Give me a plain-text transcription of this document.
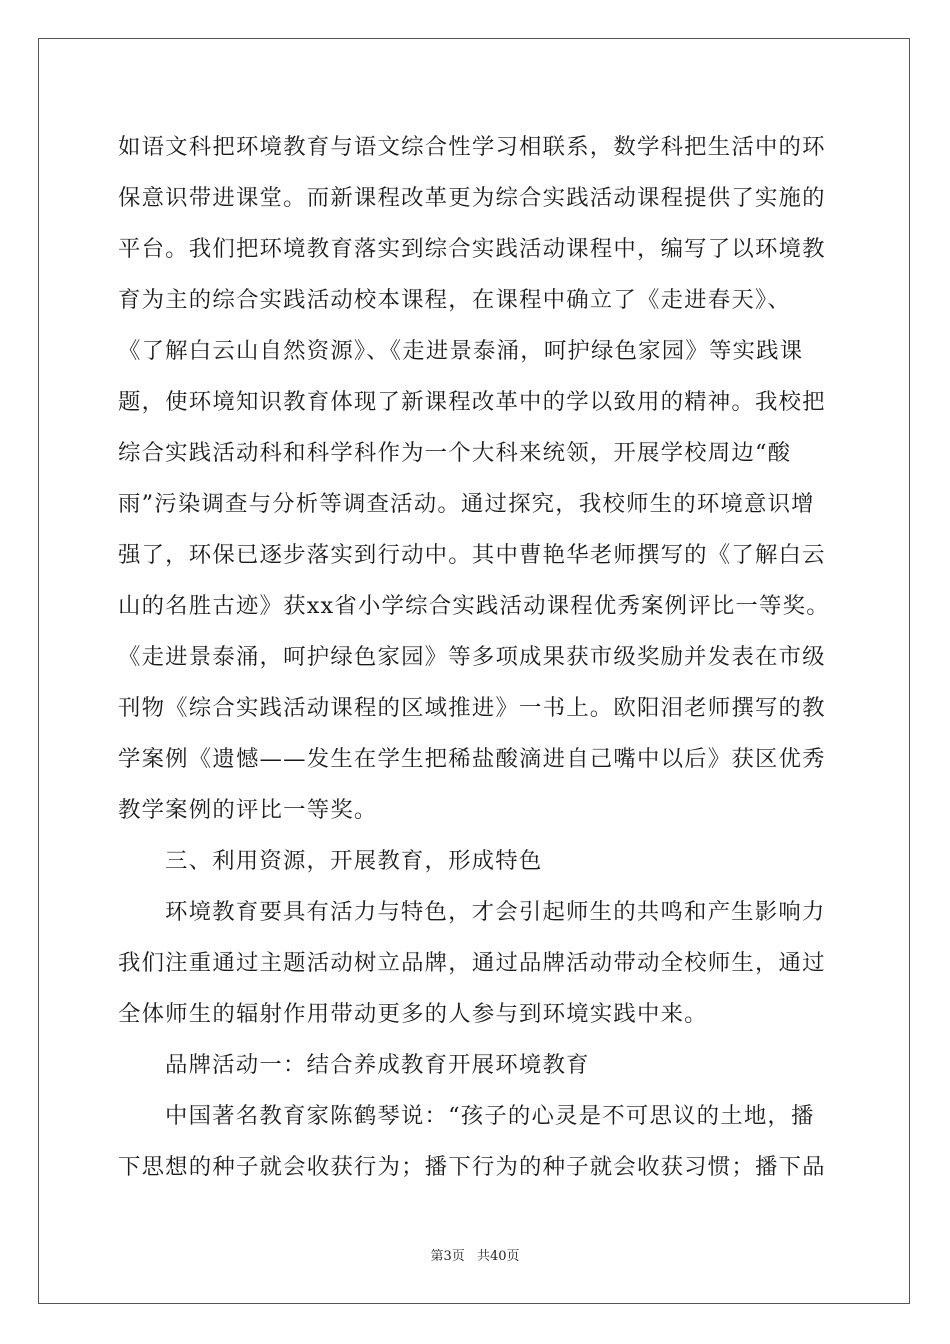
如语文科把环境教育与语文综合性学习相联系，数学科把生活中的环
保意识带进课堂。而新课程改革更为综合实践活动课程提供了实施的
平台。我们把环境教育落实到综合实践活动课程中，编写了以环境教
育为主的综合实践活动校本课程，在课程中确立了《走进春天》、
《了解白云山自然资源》、《走进景泰涌，呵护绿色家园》等实践课
题，使环境知识教育体现了新课程改革中的学以致用的精神。我校把
综合实践活动科和科学科作为一个大科来统领，开展学校周边“酸
雨”污染调查与分析等调查活动。通过探究，我校师生的环境意识增
强了，环保已逐步落实到行动中。其中曹艳华老师撰写的《了解白云
山的名胜古迹》获xx省小学综合实践活动课程优秀案例评比一等奖。
《走进景泰涌，呵护绿色家园》等多项成果获市级奖励并发表在市级
刊物《综合实践活动课程的区域推进》一书上。欧阳泪老师撰写的教
学案例《遗憾——发生在学生把稀盐酸滴进自己嘴中以后》获区优秀
教学案例的评比一等奖。
三、利用资源，开展教育，形成特色
环境教育要具有活力与特色，才会引起师生的共鸣和产生影响力
我们注重通过主题活动树立品牌，通过品牌活动带动全校师生，通过
全体师生的辐射作用带动更多的人参与到环境实践中来。
品牌活动一：结合养成教育开展环境教育
中国著名教育家陈鹤琴说：“孩子的心灵是不可思议的土地，播
下思想的种子就会收获行为；播下行为的种子就会收获习惯；播下品
第3页 共40页
